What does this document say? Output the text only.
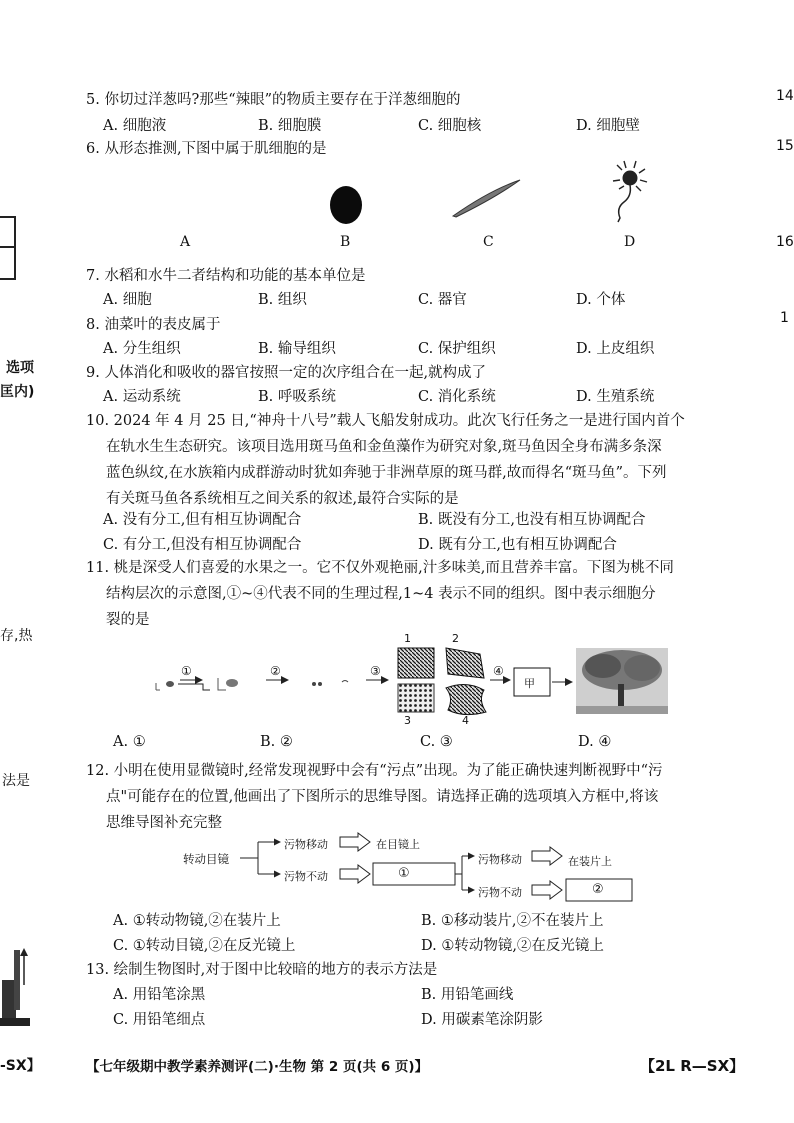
选项
匡内)
存,热
法是
-SX】
14
15
16
1
5. 你切过洋葱吗?那些“辣眼”的物质主要存在于洋葱细胞的
A. 细胞液	B. 细胞膜	C. 细胞核	D. 细胞壁
6. 从形态推测,下图中属于肌细胞的是
A	B	C	D
7. 水稻和水牛二者结构和功能的基本单位是
A. 细胞	B. 组织	C. 器官	D. 个体
8. 油菜叶的表皮属于
A. 分生组织	B. 输导组织	C. 保护组织	D. 上皮组织
9. 人体消化和吸收的器官按照一定的次序组合在一起,就构成了
A. 运动系统	B. 呼吸系统	C. 消化系统	D. 生殖系统
10. 2024 年 4 月 25 日,“神舟十八号”载人飞船发射成功。此次飞行任务之一是进行国内首个
在轨水生生态研究。该项目选用斑马鱼和金鱼藻作为研究对象,斑马鱼因全身布满多条深
蓝色纵纹,在水族箱内成群游动时犹如奔驰于非洲草原的斑马群,故而得名“斑马鱼”。下列
有关斑马鱼各系统相互之间关系的叙述,最符合实际的是
A. 没有分工,但有相互协调配合	B. 既没有分工,也没有相互协调配合
C. 有分工,但没有相互协调配合	D. 既有分工,也有相互协调配合
11. 桃是深受人们喜爱的水果之一。它不仅外观艳丽,汁多味美,而且营养丰富。下图为桃不同
结构层次的示意图,①~④代表不同的生理过程,1~4 表示不同的组织。图中表示细胞分
裂的是
①	②	③	④
1	2
3	4
甲
A. ①	B. ②	C. ③	D. ④
12. 小明在使用显微镜时,经常发现视野中会有“污点”出现。为了能正确快速判断视野中“污
点"可能存在的位置,他画出了下图所示的思维导图。请选择正确的选项填入方框中,将该
思维导图补充完整
转动目镜
污物移动	在目镜上
污物不动	①
污物移动	在装片上
污物不动	②
A. ①转动物镜,②在装片上	B. ①移动装片,②不在装片上
C. ①转动目镜,②在反光镜上	D. ①转动物镜,②在反光镜上
13. 绘制生物图时,对于图中比较暗的地方的表示方法是
A. 用铅笔涂黑	B. 用铅笔画线
C. 用铅笔细点	D. 用碳素笔涂阴影
【七年级期中教学素养测评(二)·生物 第 2 页(共 6 页)】	【2L R—SX】
